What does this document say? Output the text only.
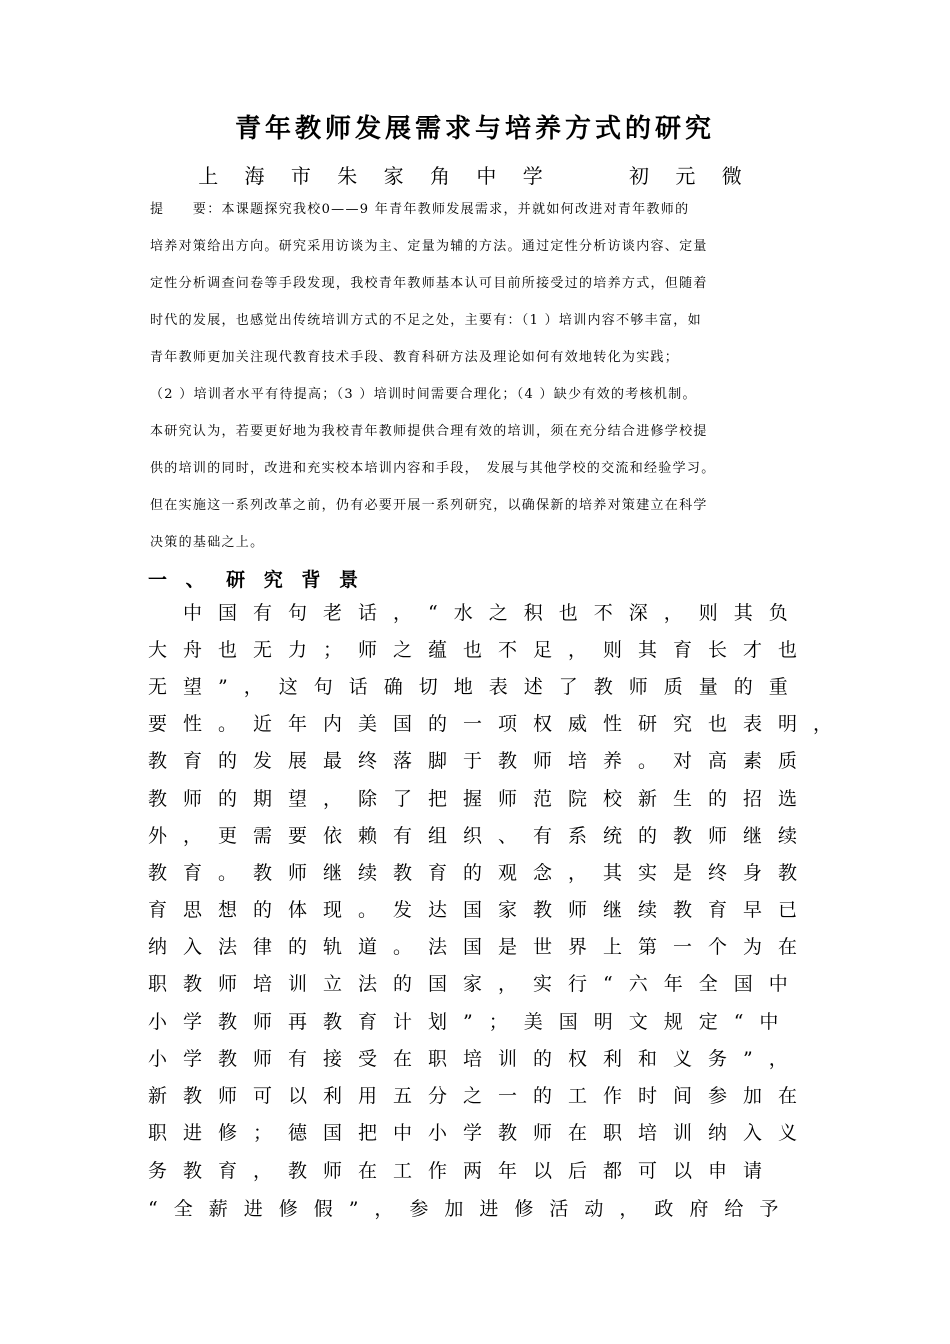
青年教师发展需求与培养方式的研究
上 海 市 朱 家 角 中 学　　 初 元 微
提　　要：本课题探究我校0——9 年青年教师发展需求，并就如何改进对青年教师的
培养对策给出方向。研究采用访谈为主、定量为辅的方法。通过定性分析访谈内容、定量
定性分析调查问卷等手段发现，我校青年教师基本认可目前所接受过的培养方式，但随着
时代的发展，也感觉出传统培训方式的不足之处，主要有：（1 ）培训内容不够丰富，如
青年教师更加关注现代教育技术手段、教育科研方法及理论如何有效地转化为实践；
（2 ）培训者水平有待提高；（3 ）培训时间需要合理化；（4 ）缺少有效的考核机制。
本研究认为，若要更好地为我校青年教师提供合理有效的培训，须在充分结合进修学校提
供的培训的同时，改进和充实校本培训内容和手段，　发展与其他学校的交流和经验学习。
但在实施这一系列改革之前，仍有必要开展一系列研究，以确保新的培养对策建立在科学
决策的基础之上。
一 、　研 究 背 景
　中国有句老话，“水之积也不深，则其负
大舟也无力；师之蕴也不足，则其育长才也
无望”，这句话确切地表述了教师质量的重
要性。近年内美国的一项权威性研究也表明，
教育的发展最终落脚于教师培养。对高素质
教师的期望，除了把握师范院校新生的招选
外，更需要依赖有组织、有系统的教师继续
教育。教师继续教育的观念，其实是终身教
育思想的体现。发达国家教师继续教育早已
纳入法律的轨道。法国是世界上第一个为在
职教师培训立法的国家，实行“六年全国中
小学教师再教育计划”；美国明文规定“中
小学教师有接受在职培训的权利和义务”，
新教师可以利用五分之一的工作时间参加在
职进修；德国把中小学教师在职培训纳入义
务教育，教师在工作两年以后都可以申请
“全薪进修假”，参加进修活动，政府给予
